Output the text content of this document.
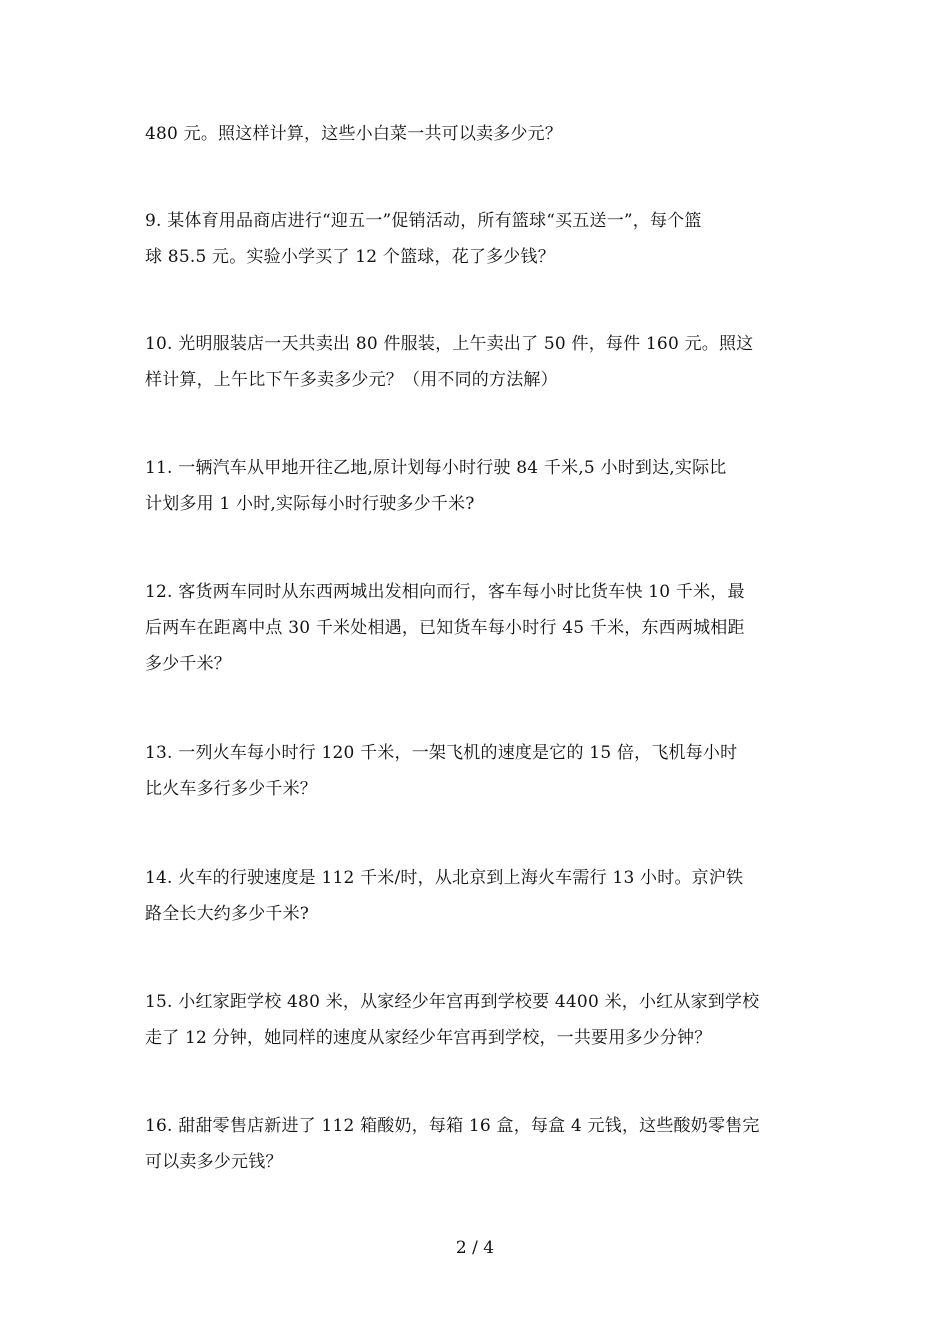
480 元。照这样计算，这些小白菜一共可以卖多少元？

9. 某体育用品商店进行“迎五一”促销活动，所有篮球“买五送一”，每个篮
球 85.5 元。实验小学买了 12 个篮球，花了多少钱？

10. 光明服装店一天共卖出 80 件服装，上午卖出了 50 件，每件 160 元。照这
样计算，上午比下午多卖多少元？（用不同的方法解）

11. 一辆汽车从甲地开往乙地,原计划每小时行驶 84 千米,5 小时到达,实际比
计划多用 1 小时,实际每小时行驶多少千米?

12. 客货两车同时从东西两城出发相向而行，客车每小时比货车快 10 千米，最
后两车在距离中点 30 千米处相遇，已知货车每小时行 45 千米，东西两城相距
多少千米？

13. 一列火车每小时行 120 千米，一架飞机的速度是它的 15 倍，飞机每小时
比火车多行多少千米？

14. 火车的行驶速度是 112 千米/时，从北京到上海火车需行 13 小时。京沪铁
路全长大约多少千米?

15. 小红家距学校 480 米，从家经少年宫再到学校要 4400 米，小红从家到学校
走了 12 分钟，她同样的速度从家经少年宫再到学校，一共要用多少分钟？

16. 甜甜零售店新进了 112 箱酸奶，每箱 16 盒，每盒 4 元钱，这些酸奶零售完
可以卖多少元钱？

2 / 4
